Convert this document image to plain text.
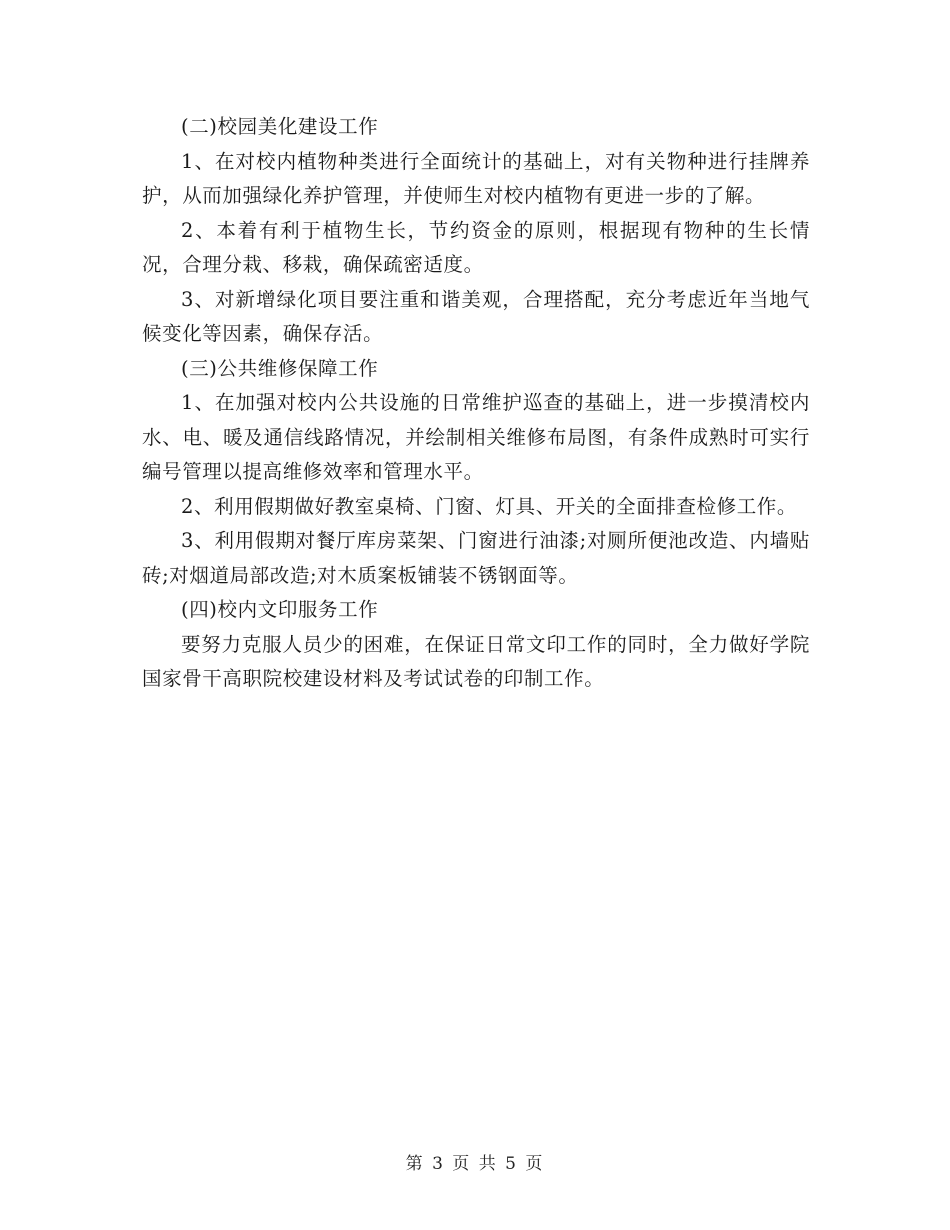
(二)校园美化建设工作

1、在对校内植物种类进行全面统计的基础上，对有关物种进行挂牌养护，从而加强绿化养护管理，并使师生对校内植物有更进一步的了解。

2、本着有利于植物生长，节约资金的原则，根据现有物种的生长情况，合理分栽、移栽，确保疏密适度。

3、对新增绿化项目要注重和谐美观，合理搭配，充分考虑近年当地气候变化等因素，确保存活。

(三)公共维修保障工作

1、在加强对校内公共设施的日常维护巡查的基础上，进一步摸清校内水、电、暖及通信线路情况，并绘制相关维修布局图，有条件成熟时可实行编号管理以提高维修效率和管理水平。

2、利用假期做好教室桌椅、门窗、灯具、开关的全面排查检修工作。

3、利用假期对餐厅库房菜架、门窗进行油漆;对厕所便池改造、内墙贴砖;对烟道局部改造;对木质案板铺装不锈钢面等。

(四)校内文印服务工作

要努力克服人员少的困难，在保证日常文印工作的同时，全力做好学院国家骨干高职院校建设材料及考试试卷的印制工作。

第 3 页 共 5 页
